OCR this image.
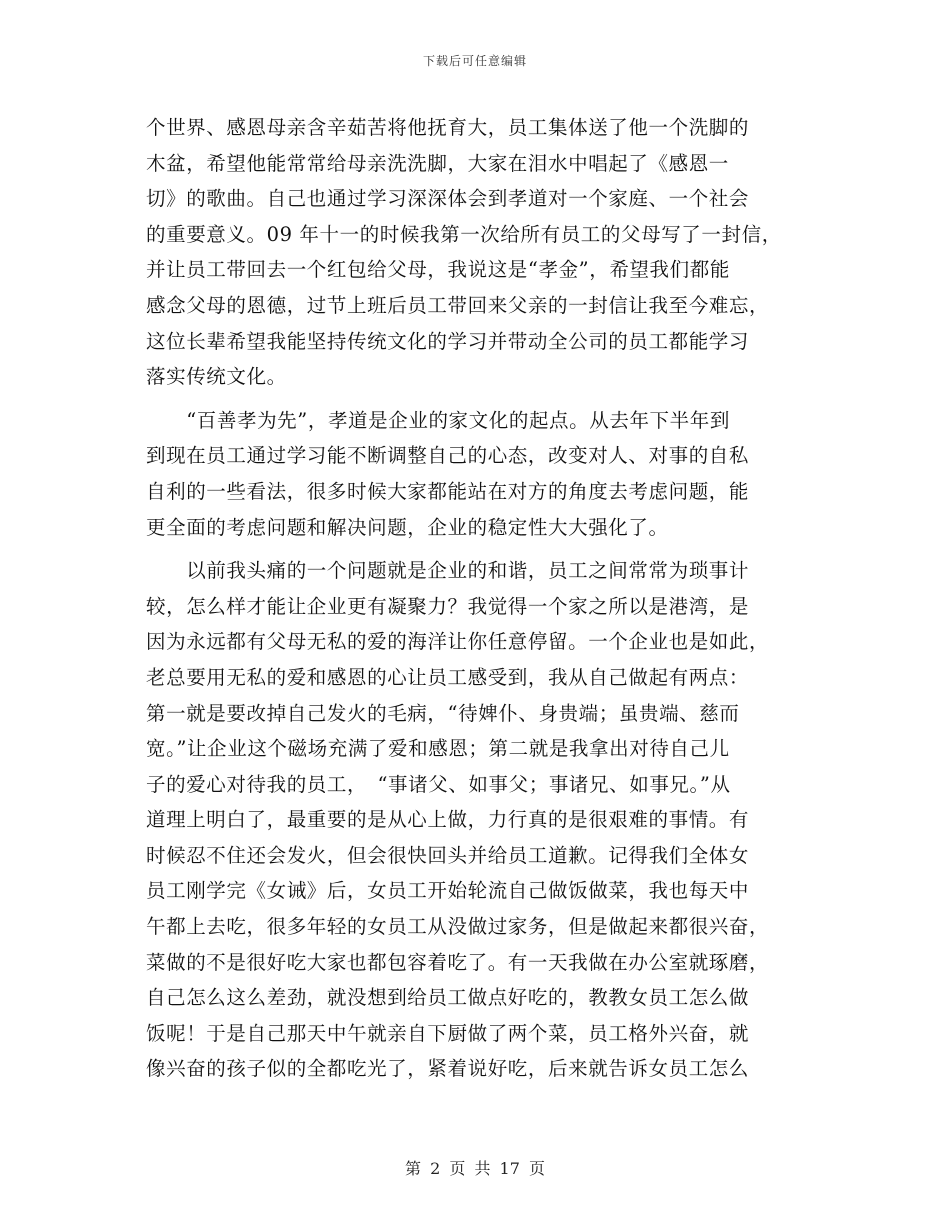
下载后可任意编辑
个世界、感恩母亲含辛茹苦将他抚育大，员工集体送了他一个洗脚的
木盆，希望他能常常给母亲洗洗脚，大家在泪水中唱起了《感恩一
切》的歌曲。自己也通过学习深深体会到孝道对一个家庭、一个社会
的重要意义。09 年十一的时候我第一次给所有员工的父母写了一封信，
并让员工带回去一个红包给父母，我说这是“孝金”，希望我们都能
感念父母的恩德，过节上班后员工带回来父亲的一封信让我至今难忘，
这位长辈希望我能坚持传统文化的学习并带动全公司的员工都能学习
落实传统文化。
　　“百善孝为先”，孝道是企业的家文化的起点。从去年下半年到
到现在员工通过学习能不断调整自己的心态，改变对人、对事的自私
自利的一些看法，很多时候大家都能站在对方的角度去考虑问题，能
更全面的考虑问题和解决问题，企业的稳定性大大强化了。
　　以前我头痛的一个问题就是企业的和谐，员工之间常常为琐事计
较，怎么样才能让企业更有凝聚力？我觉得一个家之所以是港湾，是
因为永远都有父母无私的爱的海洋让你任意停留。一个企业也是如此，
老总要用无私的爱和感恩的心让员工感受到，我从自己做起有两点：
第一就是要改掉自己发火的毛病，“待婢仆、身贵端；虽贵端、慈而
宽。”让企业这个磁场充满了爱和感恩；第二就是我拿出对待自己儿
子的爱心对待我的员工，　“事诸父、如事父；事诸兄、如事兄。”从
道理上明白了，最重要的是从心上做，力行真的是很艰难的事情。有
时候忍不住还会发火，但会很快回头并给员工道歉。记得我们全体女
员工刚学完《女诫》后，女员工开始轮流自己做饭做菜，我也每天中
午都上去吃，很多年轻的女员工从没做过家务，但是做起来都很兴奋，
菜做的不是很好吃大家也都包容着吃了。有一天我做在办公室就琢磨，
自己怎么这么差劲，就没想到给员工做点好吃的，教教女员工怎么做
饭呢！于是自己那天中午就亲自下厨做了两个菜，员工格外兴奋，就
像兴奋的孩子似的全都吃光了，紧着说好吃，后来就告诉女员工怎么
第 2 页 共 17 页
